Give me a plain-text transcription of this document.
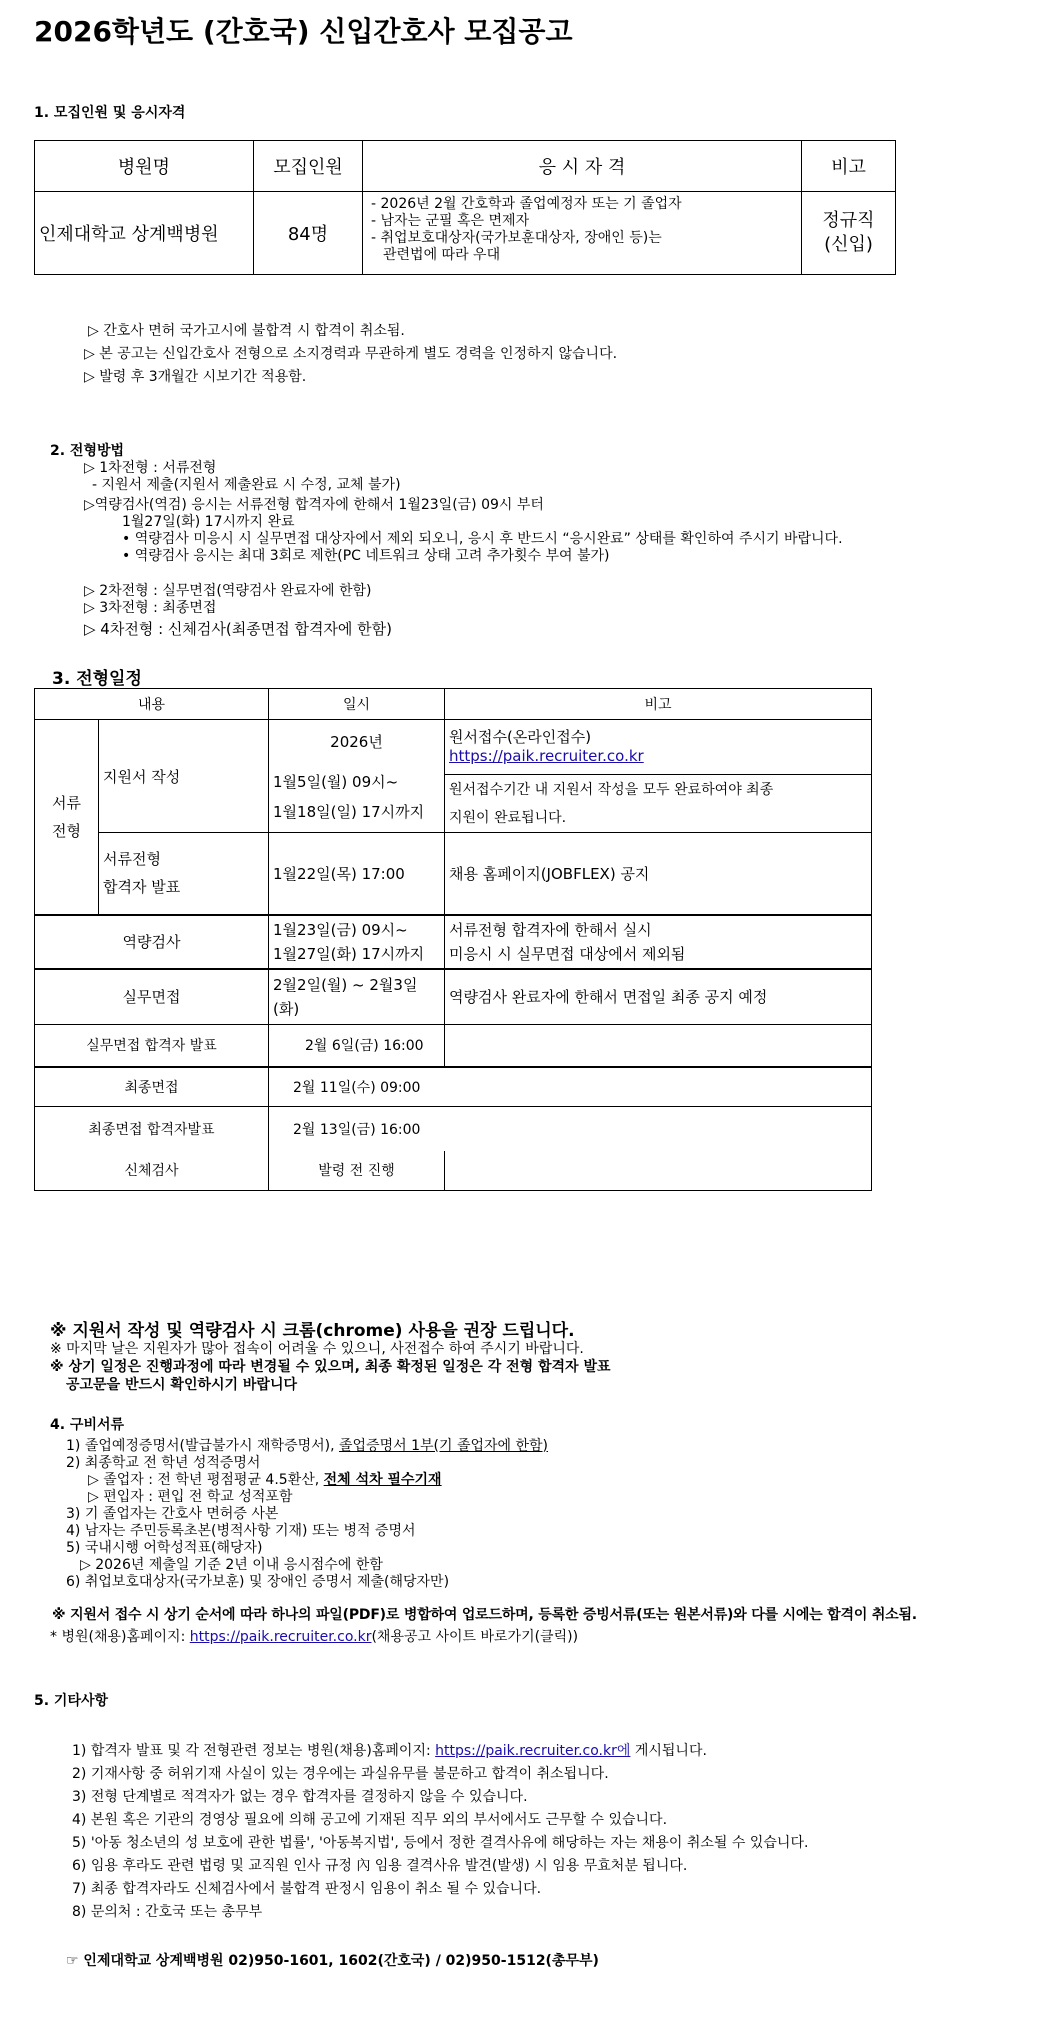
2026학년도 (간호국) 신입간호사 모집공고
1. 모집인원 및 응시자격
병원명	모집인원	응 시 자 격	비고
인제대학교 상계백병원	84명	- 2026년 2월 간호학과 졸업예정자 또는 기 졸업자
- 남자는 군필 혹은 면제자
- 취업보호대상자(국가보훈대상자, 장애인 등)는
관련법에 따라 우대	정규직
(신입)
▷ 간호사 면허 국가고시에 불합격 시 합격이 취소됨.
▷ 본 공고는 신입간호사 전형으로 소지경력과 무관하게 별도 경력을 인정하지 않습니다.
▷ 발령 후 3개월간 시보기간 적용함.
2. 전형방법
▷ 1차전형 : 서류전형
- 지원서 제출(지원서 제출완료 시 수정, 교체 불가)
▷역량검사(역검) 응시는 서류전형 합격자에 한해서 1월23일(금) 09시 부터
1월27일(화) 17시까지 완료
• 역량검사 미응시 시 실무면접 대상자에서 제외 되오니, 응시 후 반드시 “응시완료” 상태를 확인하여 주시기 바랍니다.
• 역량검사 응시는 최대 3회로 제한(PC 네트워크 상태 고려 추가횟수 부여 불가)
▷ 2차전형 : 실무면접(역량검사 완료자에 한함)
▷ 3차전형 : 최종면접
▷ 4차전형 : 신체검사(최종면접 합격자에 한함)
3. 전형일정
내용		일시	비고

서류
전형	지원서 작성	2026년
1월5일(월) 09시~
1월18일(일) 17시까지	원서접수(온라인접수)
https://paik.recruiter.co.kr

			원서접수기간 내 지원서 작성을 모두 완료하여야 최종
지원이 완료됩니다.

	서류전형
합격자 발표	1월22일(목) 17:00	채용 홈페이지(JOBFLEX) 공지
역량검사		1월23일(금) 09시~
1월27일(화) 17시까지	서류전형 합격자에 한해서 실시
미응시 시 실무면접 대상에서 제외됨

실무면접		2월2일(월) ~ 2월3일
(화)	역량검사 완료자에 한해서 면접일 최종 공지 예정
실무면접 합격자 발표		2월 6일(금) 16:00	
최종면접		2월 11일(수) 09:00	
최종면접 합격자발표		2월 13일(금) 16:00	
신체검사		발령 전 진행	
※ 지원서 작성 및 역량검사 시 크롬(chrome) 사용을 권장 드립니다.
※ 마지막 날은 지원자가 많아 접속이 어려울 수 있으니, 사전접수 하여 주시기 바랍니다.
※ 상기 일정은 진행과정에 따라 변경될 수 있으며, 최종 확정된 일정은 각 전형 합격자 발표
공고문을 반드시 확인하시기 바랍니다
4. 구비서류
1) 졸업예정증명서(발급불가시 재학증명서), 졸업증명서 1부(기 졸업자에 한함)
2) 최종학교 전 학년 성적증명서
▷ 졸업자 : 전 학년 평점평균 4.5환산, 전체 석차 필수기재
▷ 편입자 : 편입 전 학교 성적포함
3) 기 졸업자는 간호사 면허증 사본
4) 남자는 주민등록초본(병적사항 기재) 또는 병적 증명서
5) 국내시행 어학성적표(해당자)
▷ 2026년 제출일 기준 2년 이내 응시점수에 한함
6) 취업보호대상자(국가보훈) 및 장애인 증명서 제출(해당자만)
※ 지원서 접수 시 상기 순서에 따라 하나의 파일(PDF)로 병합하여 업로드하며, 등록한 증빙서류(또는 원본서류)와 다를 시에는 합격이 취소됨.
* 병원(채용)홈페이지: https://paik.recruiter.co.kr(채용공고 사이트 바로가기(클릭))
5. 기타사항
1) 합격자 발표 및 각 전형관련 정보는 병원(채용)홈페이지: https://paik.recruiter.co.kr에 게시됩니다.
2) 기재사항 중 허위기재 사실이 있는 경우에는 과실유무를 불문하고 합격이 취소됩니다.
3) 전형 단계별로 적격자가 없는 경우 합격자를 결정하지 않을 수 있습니다.
4) 본원 혹은 기관의 경영상 필요에 의해 공고에 기재된 직무 외의 부서에서도 근무할 수 있습니다.
5) '아동 청소년의 성 보호에 관한 법률', '아동복지법', 등에서 정한 결격사유에 해당하는 자는 채용이 취소될 수 있습니다.
6) 임용 후라도 관련 법령 및 교직원 인사 규정 內 임용 결격사유 발견(발생) 시 임용 무효처분 됩니다.
7) 최종 합격자라도 신체검사에서 불합격 판정시 임용이 취소 될 수 있습니다.
8) 문의처 : 간호국 또는 총무부
☞ 인제대학교 상계백병원 02)950-1601, 1602(간호국) / 02)950-1512(총무부)
